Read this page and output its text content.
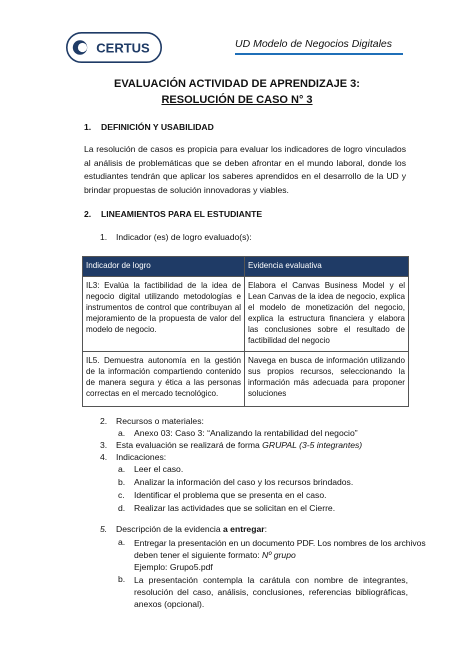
CERTUS	UD Modelo de Negocios Digitales
EVALUACIÓN ACTIVIDAD DE APRENDIZAJE 3:
RESOLUCIÓN DE CASO N° 3
1. DEFINICIÓN Y USABILIDAD
La resolución de casos es propicia para evaluar los indicadores de logro vinculados al análisis de problemáticas que se deben afrontar en el mundo laboral, donde los estudiantes tendrán que aplicar los saberes aprendidos en el desarrollo de la UD y brindar propuestas de solución innovadoras y viables.
2. LINEAMIENTOS PARA EL ESTUDIANTE
1. Indicador (es) de logro evaluado(s):
Indicador de logro	Evidencia evaluativa
IL3: Evalúa la factibilidad de la idea de negocio digital utilizando metodologías e instrumentos de control que contribuyan al mejoramiento de la propuesta de valor del modelo de negocio.	Elabora el Canvas Business Model y el Lean Canvas de la idea de negocio, explica el modelo de monetización del negocio, explica la estructura financiera y elabora las conclusiones sobre el resultado de factibilidad del negocio
IL5. Demuestra autonomía en la gestión de la información compartiendo contenido de manera segura y ética a las personas correctas en el mercado tecnológico.	Navega en busca de información utilizando sus propios recursos, seleccionando la información más adecuada para proponer soluciones
2. Recursos o materiales:
a. Anexo 03: Caso 3: “Analizando la rentabilidad del negocio”
3. Esta evaluación se realizará de forma GRUPAL (3-5 integrantes)
4. Indicaciones:
a. Leer el caso.
b. Analizar la información del caso y los recursos brindados.
c. Identificar el problema que se presenta en el caso.
d. Realizar las actividades que se solicitan en el Cierre.
5. Descripción de la evidencia a entregar:
a. Entregar la presentación en un documento PDF. Los nombres de los archivos
deben tener el siguiente formato: Nº grupo
Ejemplo: Grupo5.pdf
b. La presentación contempla la carátula con nombre de integrantes, resolución del caso, análisis, conclusiones, referencias bibliográficas, anexos (opcional).
